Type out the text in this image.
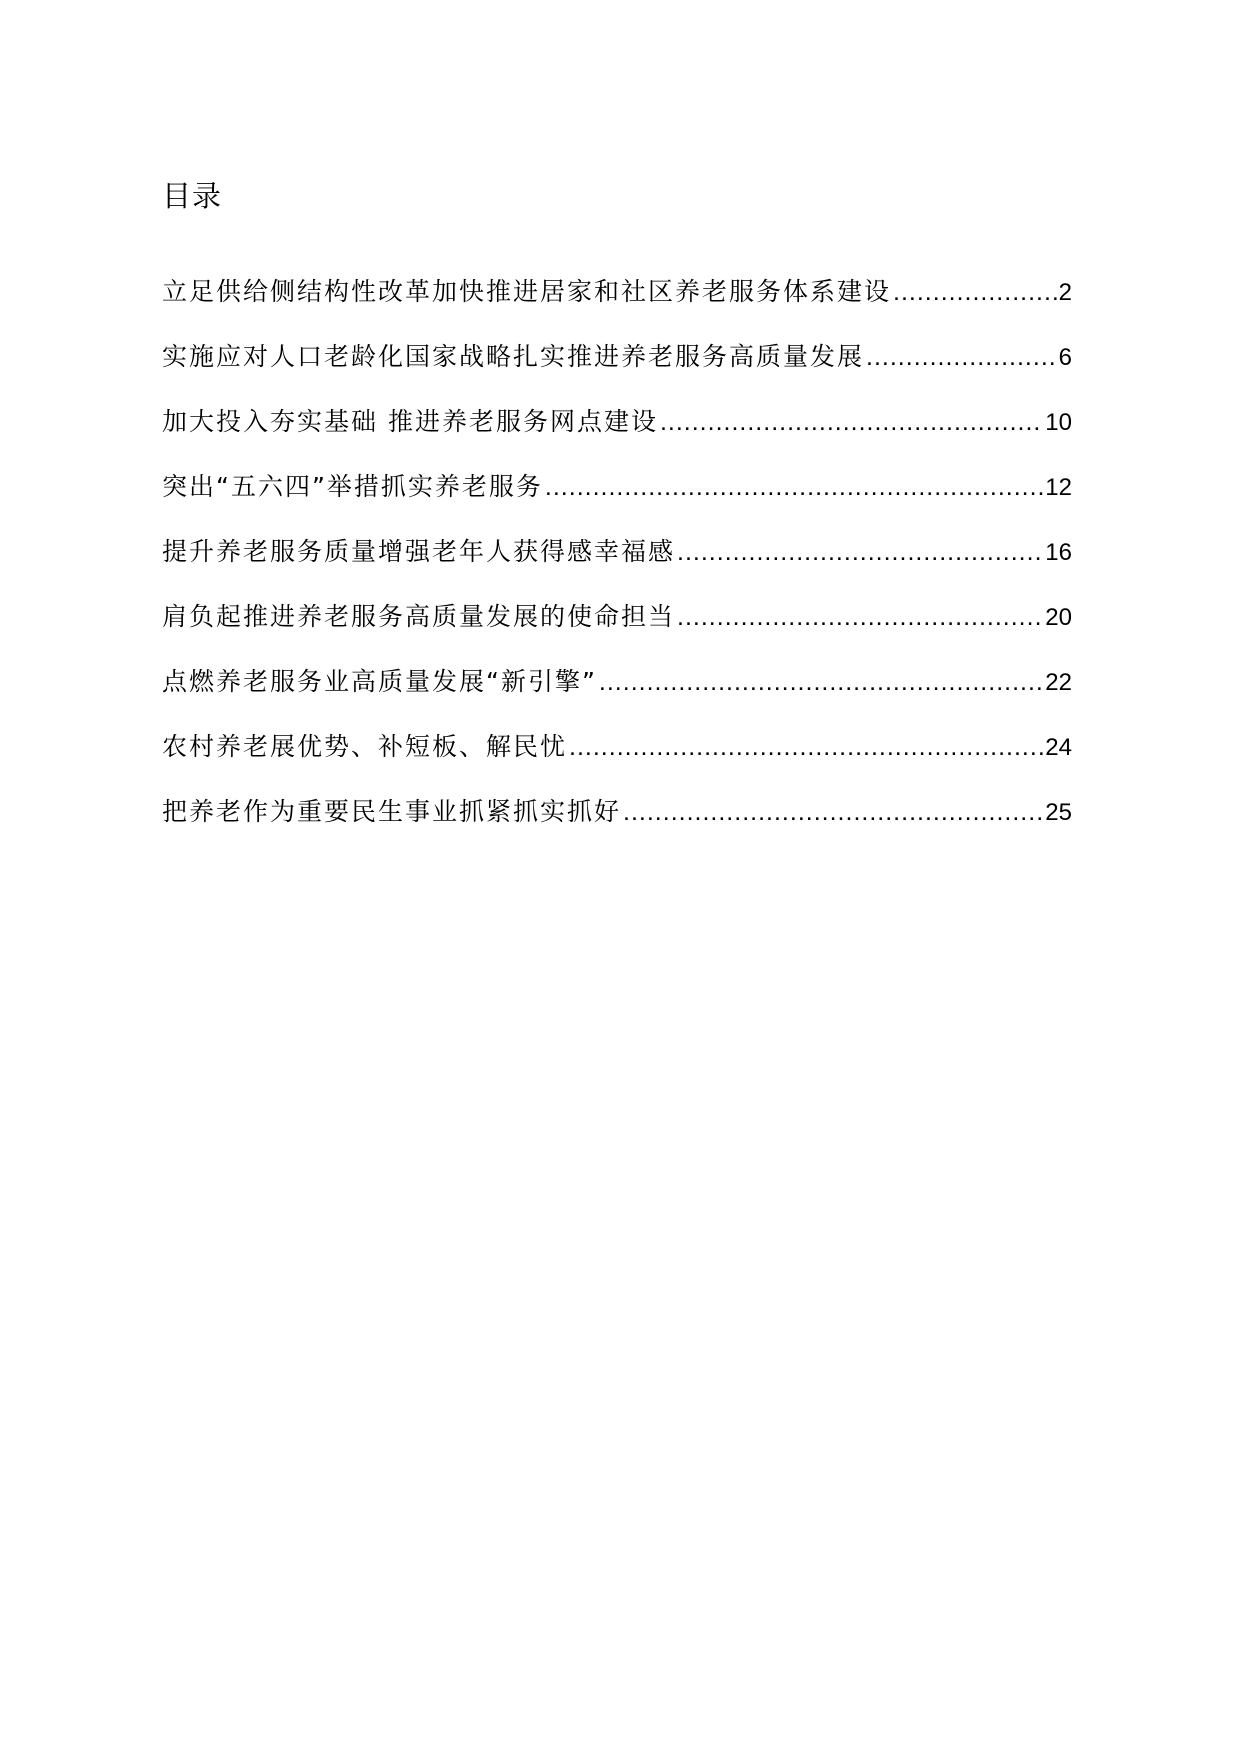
目录
立足供给侧结构性改革加快推进居家和社区养老服务体系建设 .....	2
实施应对人口老龄化国家战略扎实推进养老服务高质量发展 .....	6
加大投入夯实基础 推进养老服务网点建设 .....	10
突出“五六四”举措抓实养老服务 .....	12
提升养老服务质量增强老年人获得感幸福感 .....	16
肩负起推进养老服务高质量发展的使命担当 .....	20
点燃养老服务业高质量发展“新引擎” .....	22
农村养老展优势、补短板、解民忧 .....	24
把养老作为重要民生事业抓紧抓实抓好 .....	25
